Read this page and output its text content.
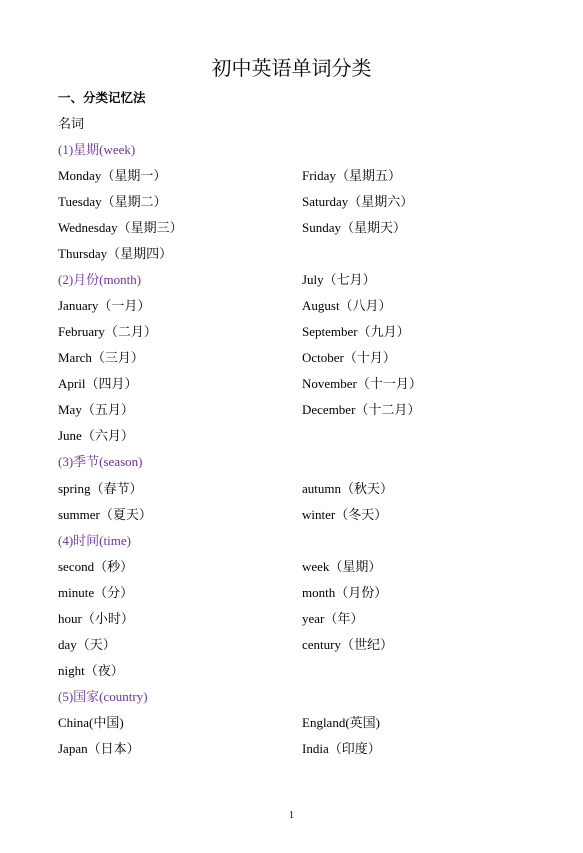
初中英语单词分类
一、分类记忆法
名词
(1)星期(week)
Monday（星期一）	Friday（星期五）
Tuesday（星期二）	Saturday（星期六）
Wednesday（星期三）	Sunday（星期天）
Thursday（星期四）
(2)月份(month)	July（七月）
January（一月）	August（八月）
February（二月）	September（九月）
March（三月）	October（十月）
April（四月）	November（十一月）
May（五月）	December（十二月）
June（六月）
(3)季节(season)
spring（春节）	autumn（秋天）
summer（夏天）	winter（冬天）
(4)时间(time)
second（秒）	week（星期）
minute（分）	month（月份）
hour（小时）	year（年）
day（天）	century（世纪）
night（夜）
(5)国家(country)
China(中国)	England(英国)
Japan（日本）	India（印度）
1
